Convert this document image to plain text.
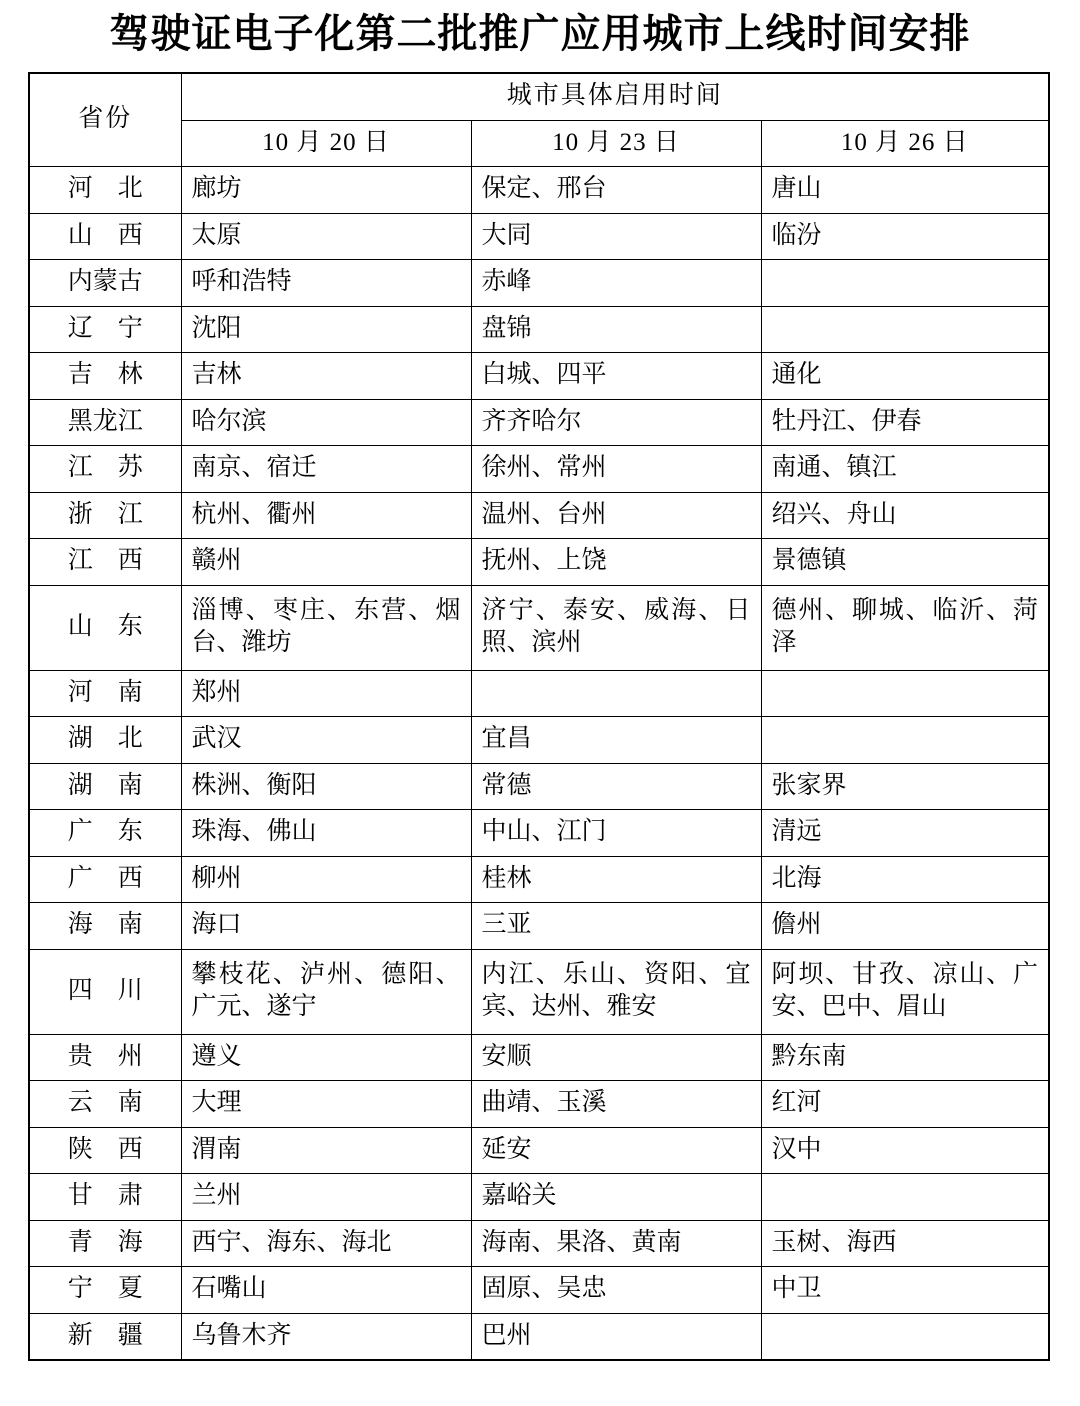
驾驶证电子化第二批推广应用城市上线时间安排
省份	城市具体启用时间		
	10 月 20 日	10 月 23 日	10 月 26 日
河　北	廊坊	保定、邢台	唐山
山　西	太原	大同	临汾
内蒙古	呼和浩特	赤峰	
辽　宁	沈阳	盘锦	
吉　林	吉林	白城、四平	通化
黑龙江	哈尔滨	齐齐哈尔	牡丹江、伊春
江　苏	南京、宿迁	徐州、常州	南通、镇江
浙　江	杭州、衢州	温州、台州	绍兴、舟山
江　西	赣州	抚州、上饶	景德镇
山　东	淄博、枣庄、东营、烟台、潍坊	济宁、泰安、威海、日照、滨州	德州、聊城、临沂、菏泽
河　南	郑州		
湖　北	武汉	宜昌	
湖　南	株洲、衡阳	常德	张家界
广　东	珠海、佛山	中山、江门	清远
广　西	柳州	桂林	北海
海　南	海口	三亚	儋州
四　川	攀枝花、泸州、德阳、广元、遂宁	内江、乐山、资阳、宜宾、达州、雅安	阿坝、甘孜、凉山、广安、巴中、眉山
贵　州	遵义	安顺	黔东南
云　南	大理	曲靖、玉溪	红河
陕　西	渭南	延安	汉中
甘　肃	兰州	嘉峪关	
青　海	西宁、海东、海北	海南、果洛、黄南	玉树、海西
宁　夏	石嘴山	固原、吴忠	中卫
新　疆	乌鲁木齐	巴州	
